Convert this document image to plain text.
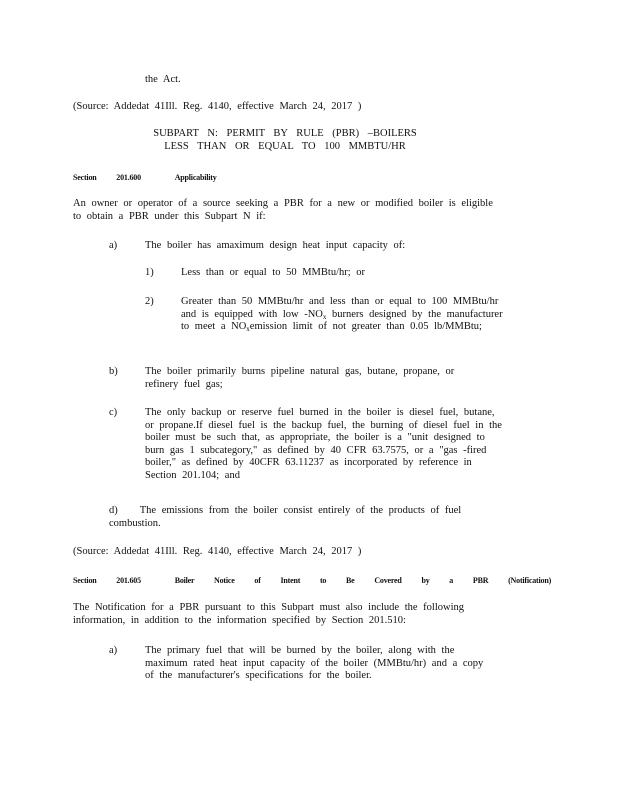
the Act.

(Source: Addedat 41Ill. Reg. 4140, effective March 24, 2017 )

SUBPART N: PERMIT BY RULE (PBR) –BOILERS
LESS THAN OR EQUAL TO 100 MMBTU/HR
Section 201.600	Applicability

An owner or operator of a source seeking a PBR for a new or modified boiler is eligible to obtain a PBR under this Subpart N if:

a)	The boiler has amaximum design heat input capacity of:
1)	Less than or equal to 50 MMBtu/hr; or
2)	Greater than 50 MMBtu/hr and less than or equal to 100 MMBtu/hr and is equipped with low -NOx burners designed by the manufacturer to meet a NOxemission limit of not greater than 0.05 lb/MMBtu;
b)	The boiler primarily burns pipeline natural gas, butane, propane, or refinery fuel gas;
c)	The only backup or reserve fuel burned in the boiler is diesel fuel, butane, or propane.If diesel fuel is the backup fuel, the burning of diesel fuel in the boiler must be such that, as appropriate, the boiler is a "unit designed to burn gas 1 subcategory," as defined by 40 CFR 63.7575, or a "gas -fired boiler," as defined by 40CFR 63.11237 as incorporated by reference in Section 201.104; and
d) The emissions from the boiler consist entirely of the products of fuel combustion.

(Source: Addedat 41Ill. Reg. 4140, effective March 24, 2017 )

Section 201.605	Boiler Notice of Intent to Be Covered by a PBR (Notification)

The Notification for a PBR pursuant to this Subpart must also include the following information, in addition to the information specified by Section 201.510:

a)	The primary fuel that will be burned by the boiler, along with the maximum rated heat input capacity of the boiler (MMBtu/hr) and a copy of the manufacturer's specifications for the boiler.
